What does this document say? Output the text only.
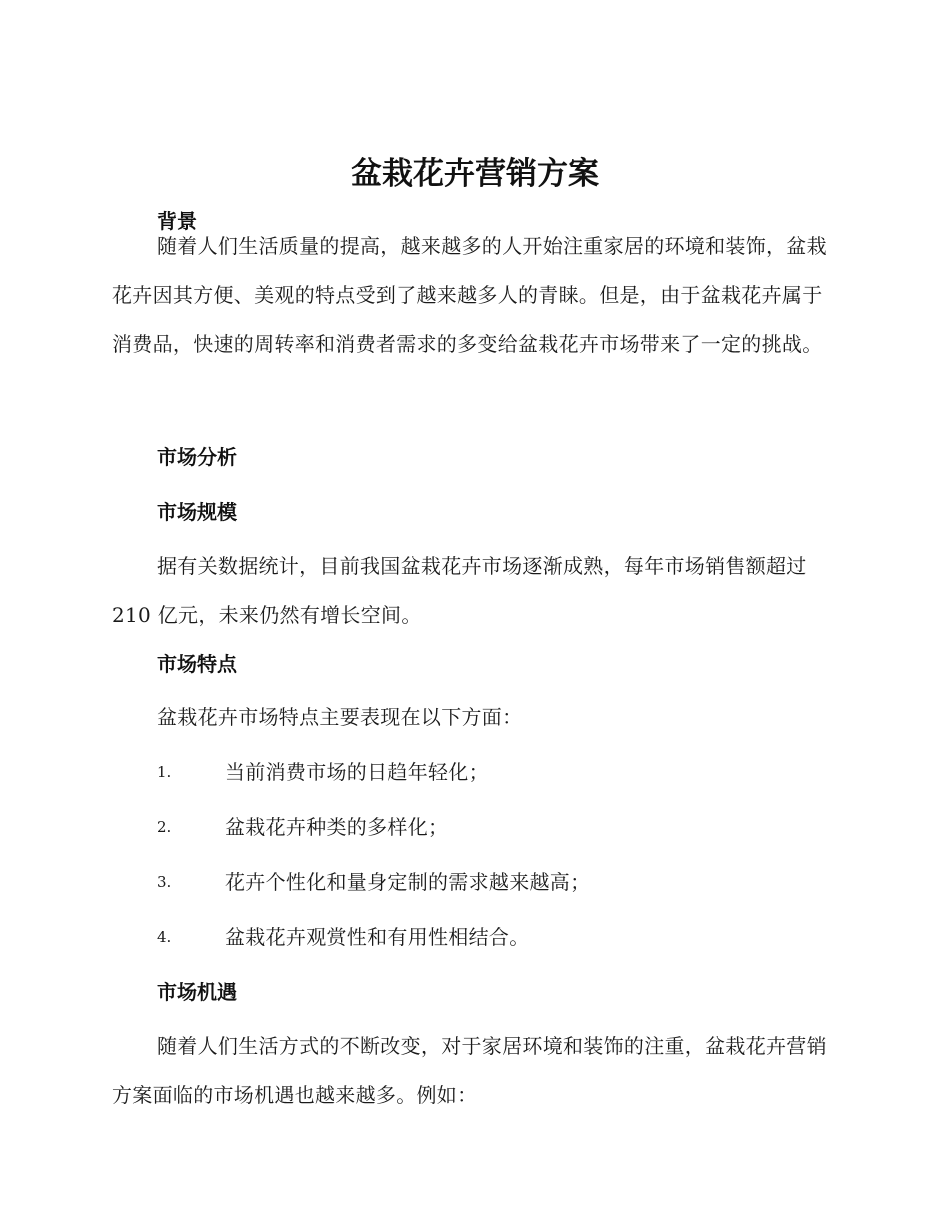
盆栽花卉营销方案
背景

随着人们生活质量的提高，越来越多的人开始注重家居的环境和装饰，盆栽花卉因其方便、美观的特点受到了越来越多人的青睐。但是，由于盆栽花卉属于消费品，快速的周转率和消费者需求的多变给盆栽花卉市场带来了一定的挑战。

市场分析
市场规模

据有关数据统计，目前我国盆栽花卉市场逐渐成熟，每年市场销售额超过 210 亿元，未来仍然有增长空间。

市场特点

盆栽花卉市场特点主要表现在以下方面：

1.	当前消费市场的日趋年轻化；
2.	盆栽花卉种类的多样化；
3.	花卉个性化和量身定制的需求越来越高；
4.	盆栽花卉观赏性和有用性相结合。
市场机遇

随着人们生活方式的不断改变，对于家居环境和装饰的注重，盆栽花卉营销方案面临的市场机遇也越来越多。例如：
